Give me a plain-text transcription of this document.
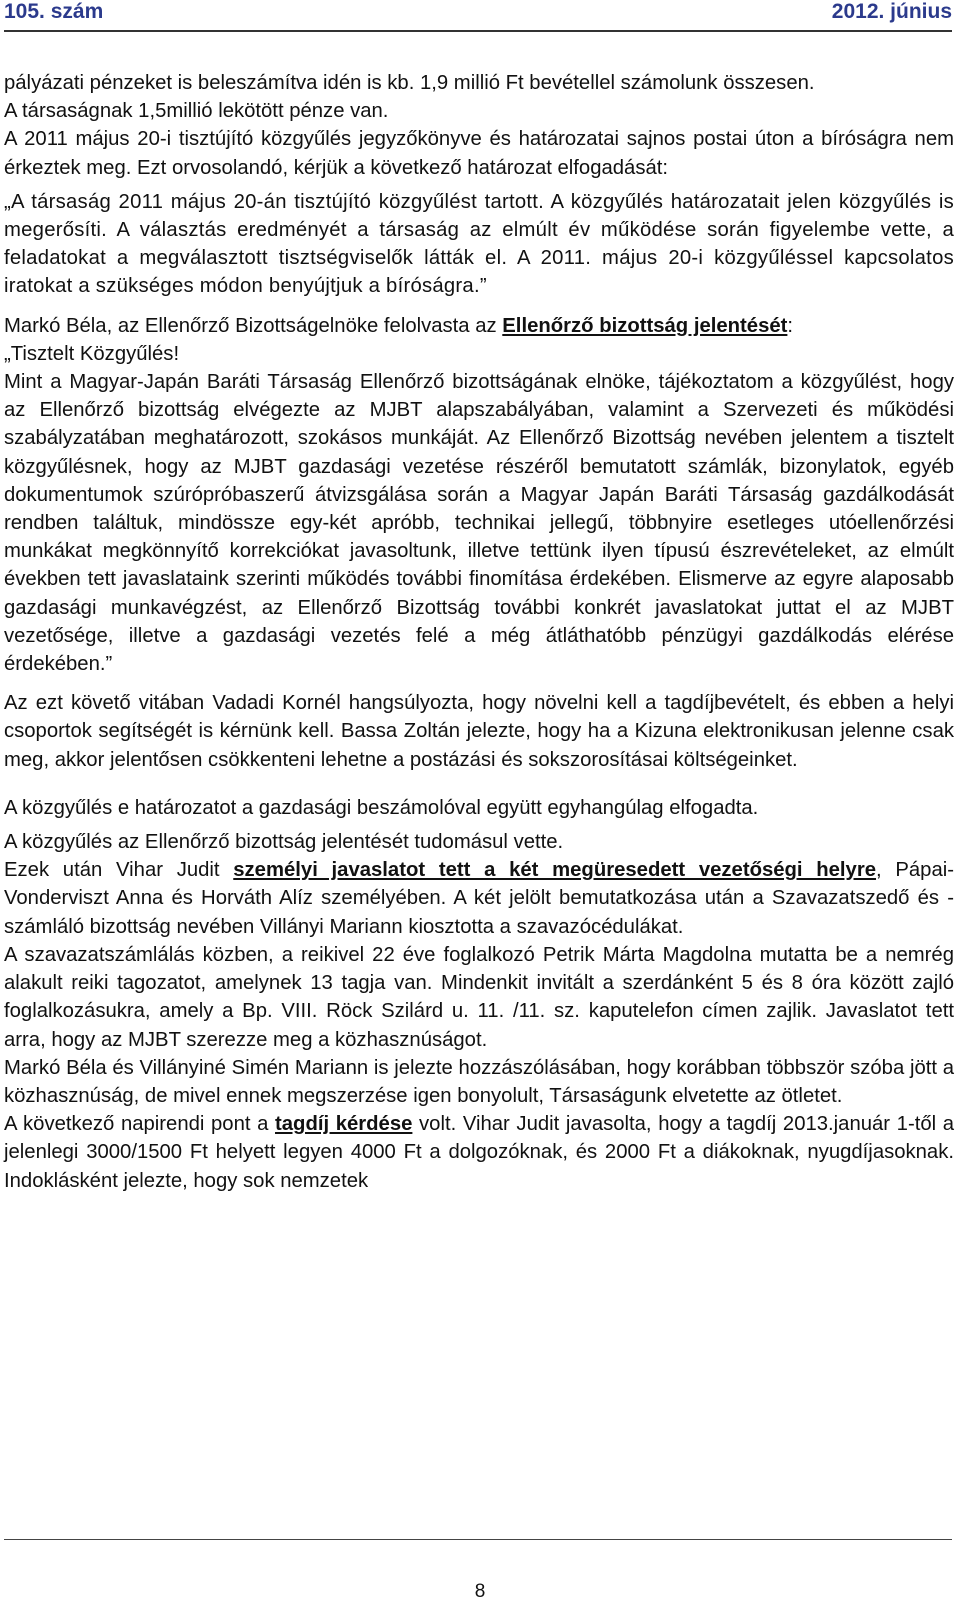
105. szám	2012. június

pályázati pénzeket is beleszámítva idén is kb. 1,9 millió Ft bevétellel számolunk összesen.

A társaságnak 1,5millió lekötött pénze van.

A 2011 május 20-i tisztújító közgyűlés jegyzőkönyve és határozatai sajnos postai úton a bíróságra nem érkeztek meg. Ezt orvosolandó, kérjük a következő határozat elfogadását:

„A társaság 2011 május 20-án tisztújító közgyűlést tartott. A közgyűlés határozatait jelen közgyűlés is megerősíti. A választás eredményét a társaság az elmúlt év működése során figyelembe vette, a feladatokat a megválasztott tisztségviselők látták el. A 2011. május 20-i közgyűléssel kapcsolatos iratokat a szükséges módon benyújtjuk a bíróságra.”

Markó Béla, az Ellenőrző Bizottságelnöke felolvasta az Ellenőrző bizottság jelentését:

„Tisztelt Közgyűlés!

Mint a Magyar-Japán Baráti Társaság Ellenőrző bizottságának elnöke, tájékoztatom a közgyűlést, hogy az Ellenőrző bizottság elvégezte az MJBT alapszabályában, valamint a Szervezeti és működési szabályzatában meghatározott, szokásos munkáját. Az Ellenőrző Bizottság nevében jelentem a tisztelt közgyűlésnek, hogy az MJBT gazdasági vezetése részéről bemutatott számlák, bizonylatok, egyéb dokumentumok szúrópróbaszerű átvizsgálása során a Magyar Japán Baráti Társaság gazdálkodását rendben találtuk, mindössze egy-két apróbb, technikai jellegű, többnyire esetleges utóellenőrzési munkákat megkönnyítő korrekciókat javasoltunk, illetve tettünk ilyen típusú észrevételeket, az elmúlt években tett javaslataink szerinti működés további finomítása érdekében. Elismerve az egyre alaposabb gazdasági munkavégzést, az Ellenőrző Bizottság további konkrét javaslatokat juttat el az MJBT vezetősége, illetve a gazdasági vezetés felé a még átláthatóbb pénzügyi gazdálkodás elérése érdekében.”

Az ezt követő vitában Vadadi Kornél hangsúlyozta, hogy növelni kell a tagdíjbevételt, és ebben a helyi csoportok segítségét is kérnünk kell. Bassa Zoltán jelezte, hogy ha a Kizuna elektronikusan jelenne csak meg, akkor jelentősen csökkenteni lehetne a postázási és sokszorosításai költségeinket.

A közgyűlés e határozatot a gazdasági beszámolóval együtt egyhangúlag elfogadta.

A közgyűlés az Ellenőrző bizottság jelentését tudomásul vette.

Ezek után Vihar Judit személyi javaslatot tett a két megüresedett vezetőségi helyre, Pápai-Vonderviszt Anna és Horváth Alíz személyében. A két jelölt bemutatkozása után a Szavazatszedő és -számláló bizottság nevében Villányi Mariann kiosztotta a szavazócédulákat.

A szavazatszámlálás közben, a reikivel 22 éve foglalkozó Petrik Márta Magdolna mutatta be a nemrég alakult reiki tagozatot, amelynek 13 tagja van. Mindenkit invitált a szerdánként 5 és 8 óra között zajló foglalkozásukra, amely a Bp. VIII. Röck Szilárd u. 11. /11. sz. kaputelefon címen zajlik. Javaslatot tett arra, hogy az MJBT szerezze meg a közhasznúságot.

Markó Béla és Villányiné Simén Mariann is jelezte hozzászólásában, hogy korábban többször szóba jött a közhasznúság, de mivel ennek megszerzése igen bonyolult, Társaságunk elvetette az ötletet.

A következő napirendi pont a tagdíj kérdése volt. Vihar Judit javasolta, hogy a tagdíj 2013.január 1-től a jelenlegi 3000/1500 Ft helyett legyen 4000 Ft a dolgozóknak, és 2000 Ft a diákoknak, nyugdíjasoknak. Indoklásként jelezte, hogy sok nemzetek

8
